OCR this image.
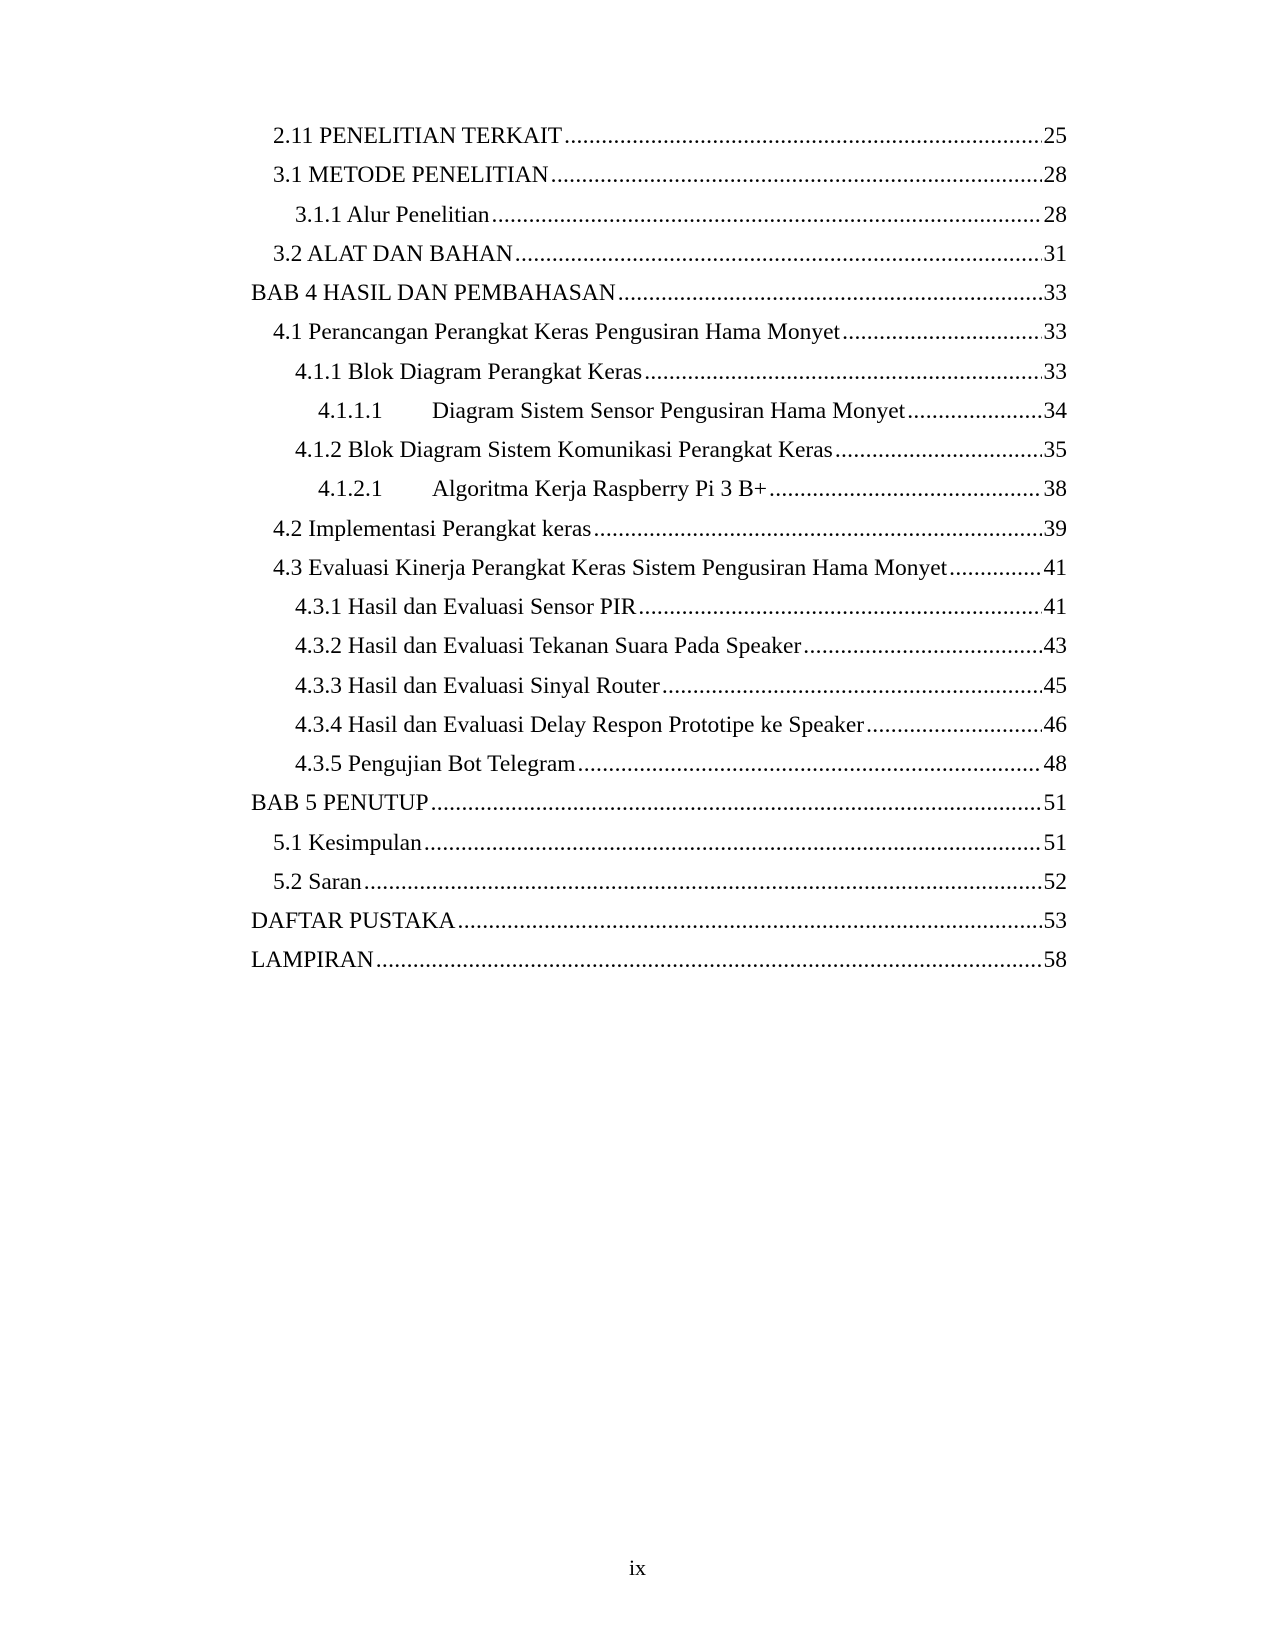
2.11 PENELITIAN TERKAIT .....	25
3.1 METODE PENELITIAN .....	28
3.1.1 Alur Penelitian .....	28
3.2 ALAT DAN BAHAN .....	31
BAB 4 HASIL DAN PEMBAHASAN .....	33
4.1 Perancangan Perangkat Keras Pengusiran Hama Monyet .....	33
4.1.1 Blok Diagram Perangkat Keras .....	33
4.1.1.1	Diagram Sistem Sensor Pengusiran Hama Monyet .....	34
4.1.2 Blok Diagram Sistem Komunikasi Perangkat Keras .....	35
4.1.2.1	Algoritma Kerja Raspberry Pi 3 B+ .....	38
4.2 Implementasi Perangkat keras .....	39
4.3 Evaluasi Kinerja Perangkat Keras Sistem Pengusiran Hama Monyet .....	41
4.3.1 Hasil dan Evaluasi Sensor PIR .....	41
4.3.2 Hasil dan Evaluasi Tekanan Suara Pada Speaker .....	43
4.3.3 Hasil dan Evaluasi Sinyal Router .....	45
4.3.4 Hasil dan Evaluasi Delay Respon Prototipe ke Speaker .....	46
4.3.5 Pengujian Bot Telegram .....	48
BAB 5 PENUTUP .....	51
5.1 Kesimpulan .....	51
5.2 Saran .....	52
DAFTAR PUSTAKA .....	53
LAMPIRAN .....	58
ix
